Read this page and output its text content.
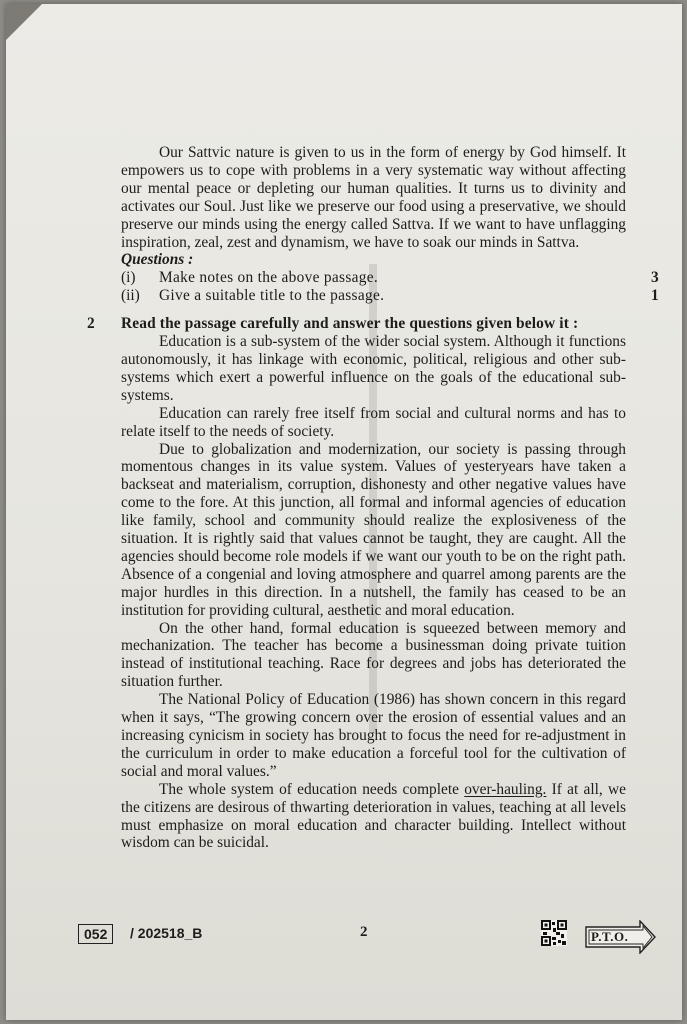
Our Sattvic nature is given to us in the form of energy by God himself. It empowers us to cope with problems in a very systematic way without affecting our mental peace or depleting our human qualities. It turns us to divinity and activates our Soul. Just like we preserve our food using a preservative, we should preserve our minds using the energy called Sattva. If we want to have unflagging inspiration, zeal, zest and dynamism, we have to soak our minds in Sattva.

Questions :
(i)	Make notes on the above passage.	3
(ii)	Give a suitable title to the passage.	1
2 Read the passage carefully and answer the questions given below it :

Education is a sub-system of the wider social system. Although it functions autonomously, it has linkage with economic, political, religious and other sub-systems which exert a powerful influence on the goals of the educational sub-systems.

Education can rarely free itself from social and cultural norms and has to relate itself to the needs of society.

Due to globalization and modernization, our society is passing through momentous changes in its value system. Values of yesteryears have taken a backseat and materialism, corruption, dishonesty and other negative values have come to the fore. At this junction, all formal and informal agencies of education like family, school and community should realize the explosiveness of the situation. It is rightly said that values cannot be taught, they are caught. All the agencies should become role models if we want our youth to be on the right path. Absence of a congenial and loving atmosphere and quarrel among parents are the major hurdles in this direction. In a nutshell, the family has ceased to be an institution for providing cultural, aesthetic and moral education.

On the other hand, formal education is squeezed between memory and mechanization. The teacher has become a businessman doing private tuition instead of institutional teaching. Race for degrees and jobs has deteriorated the situation further.

The National Policy of Education (1986) has shown concern in this regard when it says, “The growing concern over the erosion of essential values and an increasing cynicism in society has brought to focus the need for re-adjustment in the curriculum in order to make education a forceful tool for the cultivation of social and moral values.”

The whole system of education needs complete over-hauling. If at all, we the citizens are desirous of thwarting deterioration in values, teaching at all levels must emphasize on moral education and character building. Intellect without wisdom can be suicidal.

052	/ 202518_B	2	P.T.O.
